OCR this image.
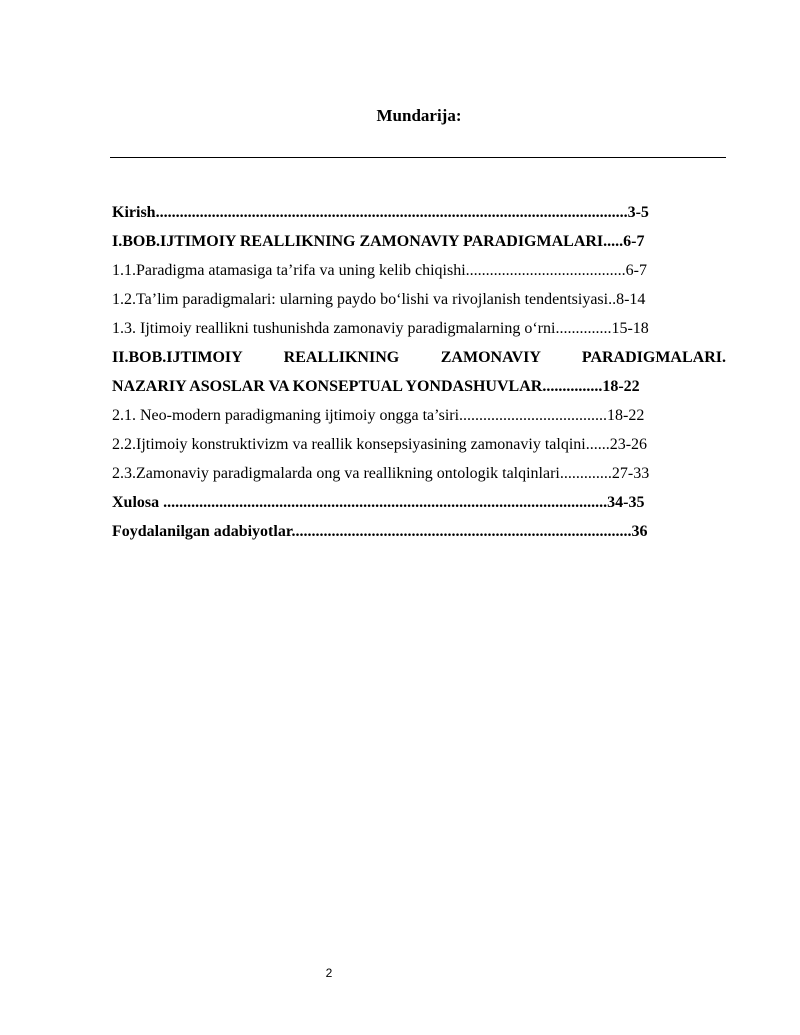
Mundarija:
Kirish......................................................................................................................3-5
I.BOB.IJTIMOIY REALLIKNING ZAMONAVIY PARADIGMALARI.....6-7
1.1.Paradigma atamasiga ta’rifa va uning kelib chiqishi........................................6-7
1.2.Ta’lim paradigmalari: ularning paydo bo‘lishi va rivojlanish tendentsiyasi..8-14
1.3. Ijtimoiy reallikni tushunishda zamonaviy paradigmalarning o‘rni..............15-18
II.BOB.IJTIMOIY REALLIKNING ZAMONAVIY PARADIGMALARI.
NAZARIY ASOSLAR VA KONSEPTUAL YONDASHUVLAR...............18-22
2.1. Neo-modern paradigmaning ijtimoiy ongga ta’siri.....................................18-22
2.2.Ijtimoiy konstruktivizm va reallik konsepsiyasining zamonaviy talqini......23-26
2.3.Zamonaviy paradigmalarda ong va reallikning ontologik talqinlari.............27-33
Xulosa ...............................................................................................................34-35
Foydalanilgan adabiyotlar.....................................................................................36
2
